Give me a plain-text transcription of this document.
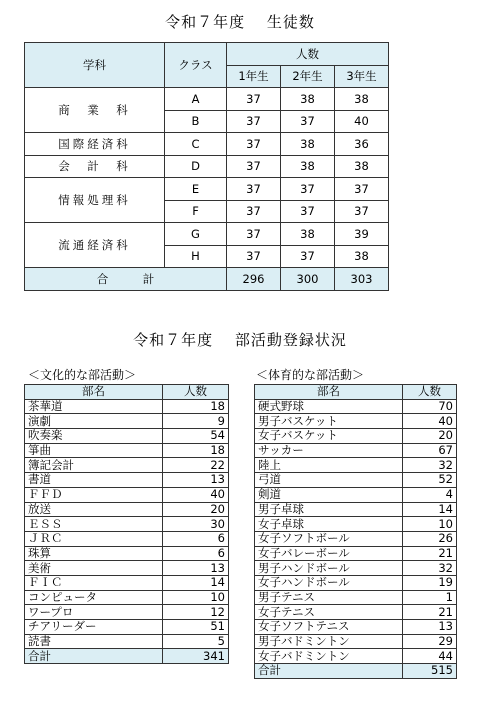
令和７年度　 生徒数
学科	クラス	人数		
		1年生	2年生	3年生
商　業　科	A	37	38	38
	B	37	37	40
国際経済科	C	37	38	36
会　計　科	D	37	38	38
情報処理科	E	37	37	37
	F	37	37	37
流通経済科	G	37	38	39
	H	37	37	38
合　　　計		296	300	303
令和７年度　 部活動登録状況
＜文化的な部活動＞	＜体育的な部活動＞
部名	人数
茶華道	18
演劇	9
吹奏楽	54
箏曲	18
簿記会計	22
書道	13
ＦＦＤ	40
放送	20
ＥＳＳ	30
ＪＲＣ	6
珠算	6
美術	13
ＦＩＣ	14
コンピュータ	10
ワープロ	12
チアリーダー	51
読書	5
合計	341
部名	人数
硬式野球	70
男子バスケット	40
女子バスケット	20
サッカー	67
陸上	32
弓道	52
剣道	4
男子卓球	14
女子卓球	10
女子ソフトボール	26
女子バレーボール	21
男子ハンドボール	32
女子ハンドボール	19
男子テニス	1
女子テニス	21
女子ソフトテニス	13
男子バドミントン	29
女子バドミントン	44
合計	515
